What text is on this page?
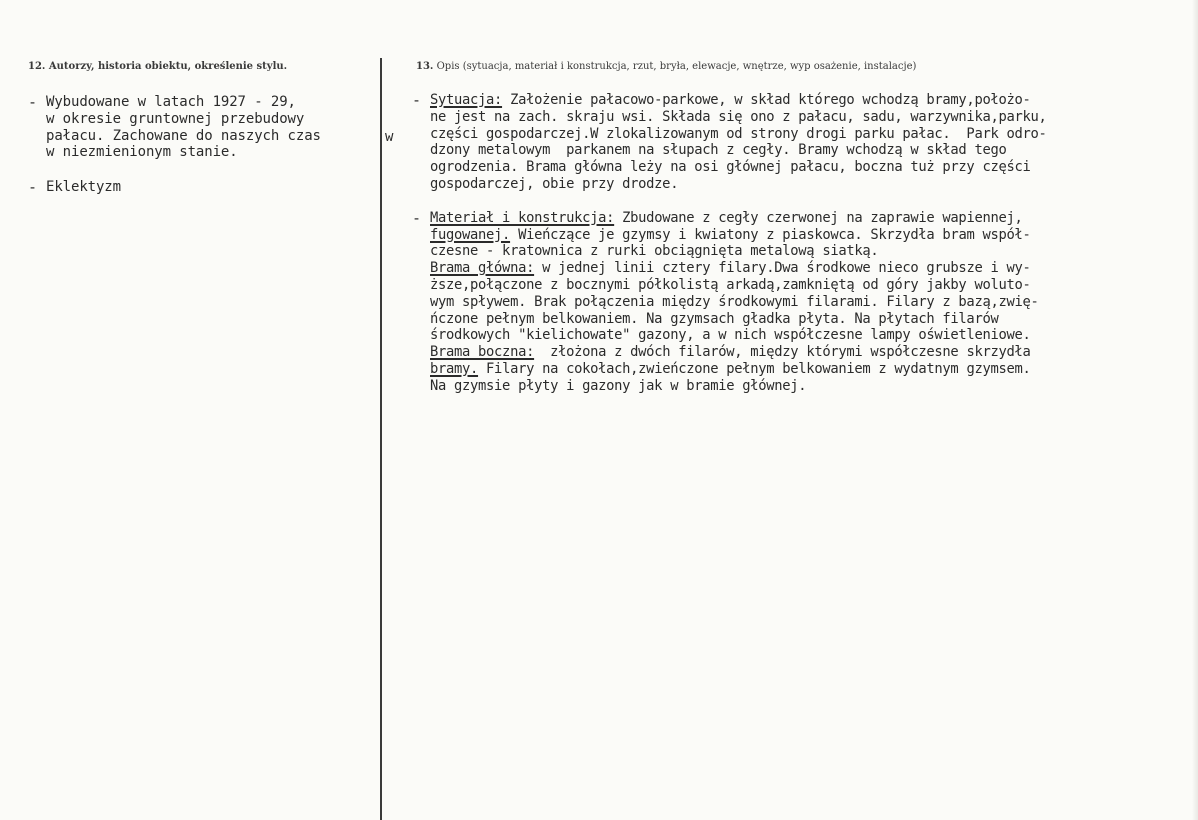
12. Autorzy, historia obiektu, określenie stylu.	13. Opis (sytuacja, materiał i konstrukcja, rzut, bryła, elewacje, wnętrze, wyp osażenie, instalacje)
- Wybudowane w latach 1927 - 29,

w okresie gruntownej przebudowy

pałacu. Zachowane do naszych czas

w niezmienionym stanie.

- Eklektyzm

w
- Sytuacja: Założenie pałacowo-parkowe, w skład którego wchodzą bramy,położo-

ne jest na zach. skraju wsi. Składa się ono z pałacu, sadu, warzywnika,parku,

części gospodarczej.W zlokalizowanym od strony drogi parku pałac.  Park odro-

dzony metalowym  parkanem na słupach z cegły. Bramy wchodzą w skład tego

ogrodzenia. Brama główna leży na osi głównej pałacu, boczna tuż przy części

gospodarczej, obie przy drodze.

- Materiał i konstrukcja: Zbudowane z cegły czerwonej na zaprawie wapiennej,

fugowanej. Wieńczące je gzymsy i kwiatony z piaskowca. Skrzydła bram współ-

czesne - kratownica z rurki obciągnięta metalową siatką.

Brama główna: w jednej linii cztery filary.Dwa środkowe nieco grubsze i wy-

ższe,połączone z bocznymi półkolistą arkadą,zamkniętą od góry jakby woluto-

wym spływem. Brak połączenia między środkowymi filarami. Filary z bazą,zwię-

ńczone pełnym belkowaniem. Na gzymsach gładka płyta. Na płytach filarów

środkowych "kielichowate" gazony, a w nich współczesne lampy oświetleniowe.

Brama boczna:  złożona z dwóch filarów, między którymi współczesne skrzydła

bramy. Filary na cokołach,zwieńczone pełnym belkowaniem z wydatnym gzymsem.

Na gzymsie płyty i gazony jak w bramie głównej.
